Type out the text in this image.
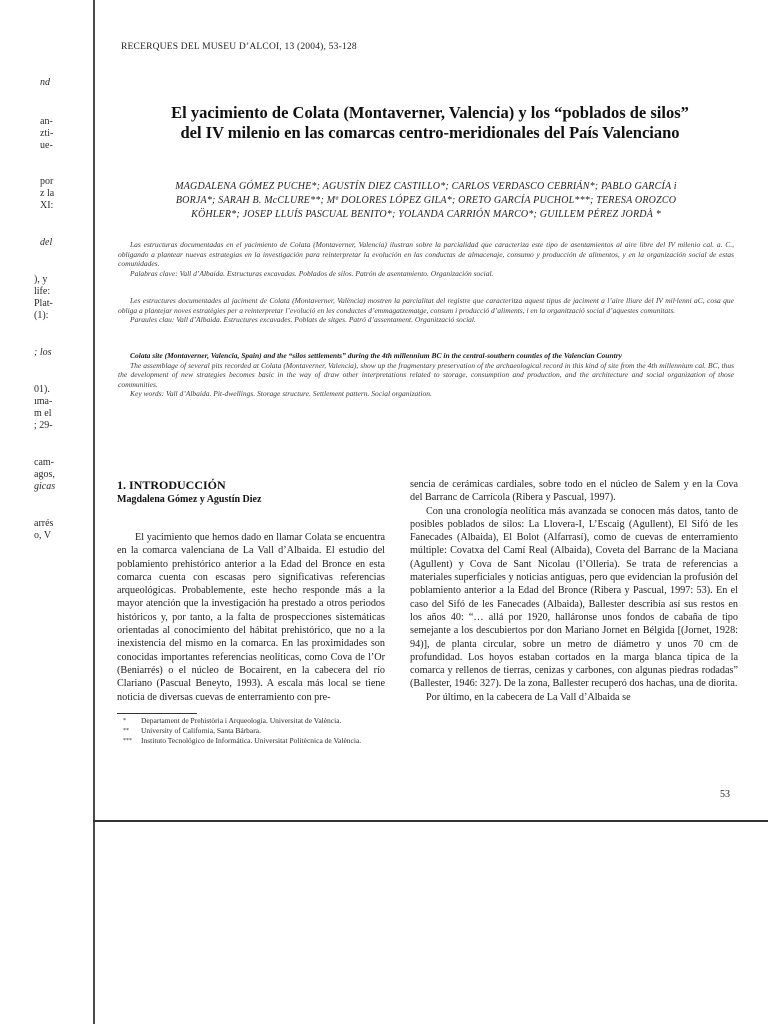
nd
an-
zti-
ue-
por
z la
XI:
del
), y
life:
Plat-
(1):
; los
01).
ıma-
m el
; 29-
cam-
agos,
gicas
arrés
o, V
RECERQUES DEL MUSEU D’ALCOI, 13 (2004), 53-128
El yacimiento de Colata (Montaverner, Valencia) y los “poblados de silos”
del IV milenio en las comarcas centro-meridionales del País Valenciano
MAGDALENA GÓMEZ PUCHE*; AGUSTÍN DIEZ CASTILLO*; CARLOS VERDASCO CEBRIÁN*; PABLO GARCÍA i
BORJA*; SARAH B. McCLURE**; Mª DOLORES LÓPEZ GILA*; ORETO GARCÍA PUCHOL***; TERESA OROZCO
KÖHLER*; JOSEP LLUÍS PASCUAL BENITO*; YOLANDA CARRIÓN MARCO*; GUILLEM PÉREZ JORDÀ *

Las estructuras documentadas en el yacimiento de Colata (Montaverner, Valencia) ilustran sobre la parcialidad que caracteriza este tipo de asentamientos al aire libre del IV milenio cal. a. C., obligando a plantear nuevas estrategias en la investigación para reinterpretar la evolución en las conductas de almacenaje, consumo y producción de alimentos, y en la organización social de estas comunidades.

Palabras clave: Vall d’Albaida. Estructuras excavadas. Poblados de silos. Patrón de asentamiento. Organización social.

Les estructures documentades al jaciment de Colata (Montaverner, València) mostren la parcialitat del registre que caracteritza aquest tipus de jaciment a l’aire lliure del IV mil·lenni aC, cosa que obliga a plantejar noves estratègies per a reinterpretar l’evolució en les conductes d’emmagatzematge, consum i producció d’aliments, i en la organització social d’aquestes comunitats.

Paraules clau: Vall d’Albaida. Estructures excavades. Poblats de sitges. Patró d’assentament. Organització social.

Colata site (Montaverner, Valencia, Spain) and the “silos settlements” during the 4th millennium BC in the central-southern counties of the Valencian Country

The assemblage of several pits recorded at Colata (Montaverner, Valencia), show up the fragmentary preservation of the archaeological record in this kind of site from the 4th millennium cal. BC, thus the development of new strategies becomes basic in the way of draw other interpretations related to storage, consumption and production, and the architecture and social organization of those communities.

Key words: Vall d’Albaida. Pit-dwellings. Storage structure. Settlement pattern. Social organization.

1. INTRODUCCIÓN

Magdalena Gómez y Agustín Diez

El yacimiento que hemos dado en llamar Colata se encuentra en la comarca valenciana de La Vall d’Albaida. El estudio del poblamiento prehistórico anterior a la Edad del Bronce en esta comarca cuenta con escasas pero significativas referencias arqueológicas. Probablemente, este hecho responde más a la mayor atención que la investigación ha prestado a otros periodos históricos y, por tanto, a la falta de prospecciones sistemáticas orientadas al conocimiento del hábitat prehistórico, que no a la inexistencia del mismo en la comarca. En las proximidades son conocidas importantes referencias neolíticas, como Cova de l’Or (Beniarrés) o el núcleo de Bocairent, en la cabecera del río Clariano (Pascual Beneyto, 1993). A escala más local se tiene noticia de diversas cuevas de enterramiento con pre-

* Departament de Prehistòria i Arqueologia. Universitat de València.
** University of California, Santa Bárbara.
*** Instituto Tecnológico de Informática. Universitat Politècnica de València.

sencia de cerámicas cardiales, sobre todo en el núcleo de Salem y en la Cova del Barranc de Carrícola (Ribera y Pascual, 1997).

Con una cronología neolítica más avanzada se conocen más datos, tanto de posibles poblados de silos: La Llovera-I, L’Escaig (Agullent), El Sifó de les Fanecades (Albaida), El Bolot (Alfarrasí), como de cuevas de enterramiento múltiple: Covatxa del Camí Real (Albaida), Coveta del Barranc de la Maciana (Agullent) y Cova de Sant Nicolau (l’Olleria). Se trata de referencias a materiales superficiales y noticias antiguas, pero que evidencian la profusión del poblamiento anterior a la Edad del Bronce (Ribera y Pascual, 1997: 53). En el caso del Sifó de les Fanecades (Albaida), Ballester describía así sus restos en los años 40: “… allá por 1920, halláronse unos fondos de cabaña de tipo semejante a los descubiertos por don Mariano Jornet en Bélgida [(Jornet, 1928: 94)], de planta circular, sobre un metro de diámetro y unos 70 cm de profundidad. Los hoyos estaban cortados en la marga blanca típica de la comarca y rellenos de tierras, cenizas y carbones, con algunas piedras rodadas” (Ballester, 1946: 327). De la zona, Ballester recuperó dos hachas, una de diorita.

Por último, en la cabecera de La Vall d’Albaida se

53
